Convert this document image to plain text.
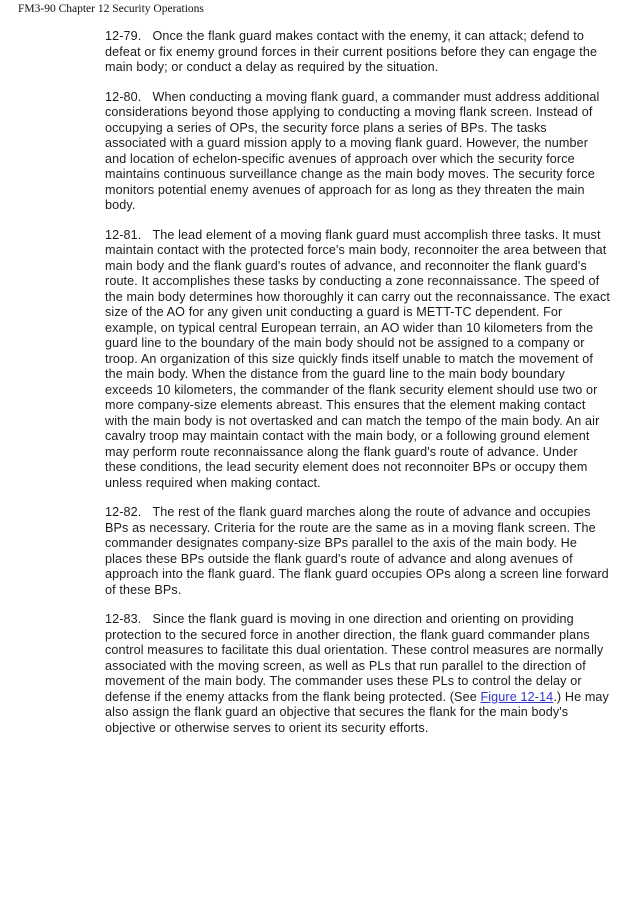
FM3-90 Chapter 12 Security Operations

12-79. Once the flank guard makes contact with the enemy, it can attack; defend to defeat or fix enemy ground forces in their current positions before they can engage the main body; or conduct a delay as required by the situation.

12-80. When conducting a moving flank guard, a commander must address additional considerations beyond those applying to conducting a moving flank screen. Instead of occupying a series of OPs, the security force plans a series of BPs. The tasks associated with a guard mission apply to a moving flank guard. However, the number and location of echelon-specific avenues of approach over which the security force maintains continuous surveillance change as the main body moves. The security force monitors potential enemy avenues of approach for as long as they threaten the main body.

12-81. The lead element of a moving flank guard must accomplish three tasks. It must maintain contact with the protected force's main body, reconnoiter the area between that main body and the flank guard's routes of advance, and reconnoiter the flank guard's route. It accomplishes these tasks by conducting a zone reconnaissance. The speed of the main body determines how thoroughly it can carry out the reconnaissance. The exact size of the AO for any given unit conducting a guard is METT-TC dependent. For example, on typical central European terrain, an AO wider than 10 kilometers from the guard line to the boundary of the main body should not be assigned to a company or troop. An organization of this size quickly finds itself unable to match the movement of the main body. When the distance from the guard line to the main body boundary exceeds 10 kilometers, the commander of the flank security element should use two or more company-size elements abreast. This ensures that the element making contact with the main body is not overtasked and can match the tempo of the main body. An air cavalry troop may maintain contact with the main body, or a following ground element may perform route reconnaissance along the flank guard's route of advance. Under these conditions, the lead security element does not reconnoiter BPs or occupy them unless required when making contact.

12-82. The rest of the flank guard marches along the route of advance and occupies BPs as necessary. Criteria for the route are the same as in a moving flank screen. The commander designates company-size BPs parallel to the axis of the main body. He places these BPs outside the flank guard's route of advance and along avenues of approach into the flank guard. The flank guard occupies OPs along a screen line forward of these BPs.

12-83. Since the flank guard is moving in one direction and orienting on providing protection to the secured force in another direction, the flank guard commander plans control measures to facilitate this dual orientation. These control measures are normally associated with the moving screen, as well as PLs that run parallel to the direction of movement of the main body. The commander uses these PLs to control the delay or defense if the enemy attacks from the flank being protected. (See Figure 12-14.) He may also assign the flank guard an objective that secures the flank for the main body's objective or otherwise serves to orient its security efforts.
